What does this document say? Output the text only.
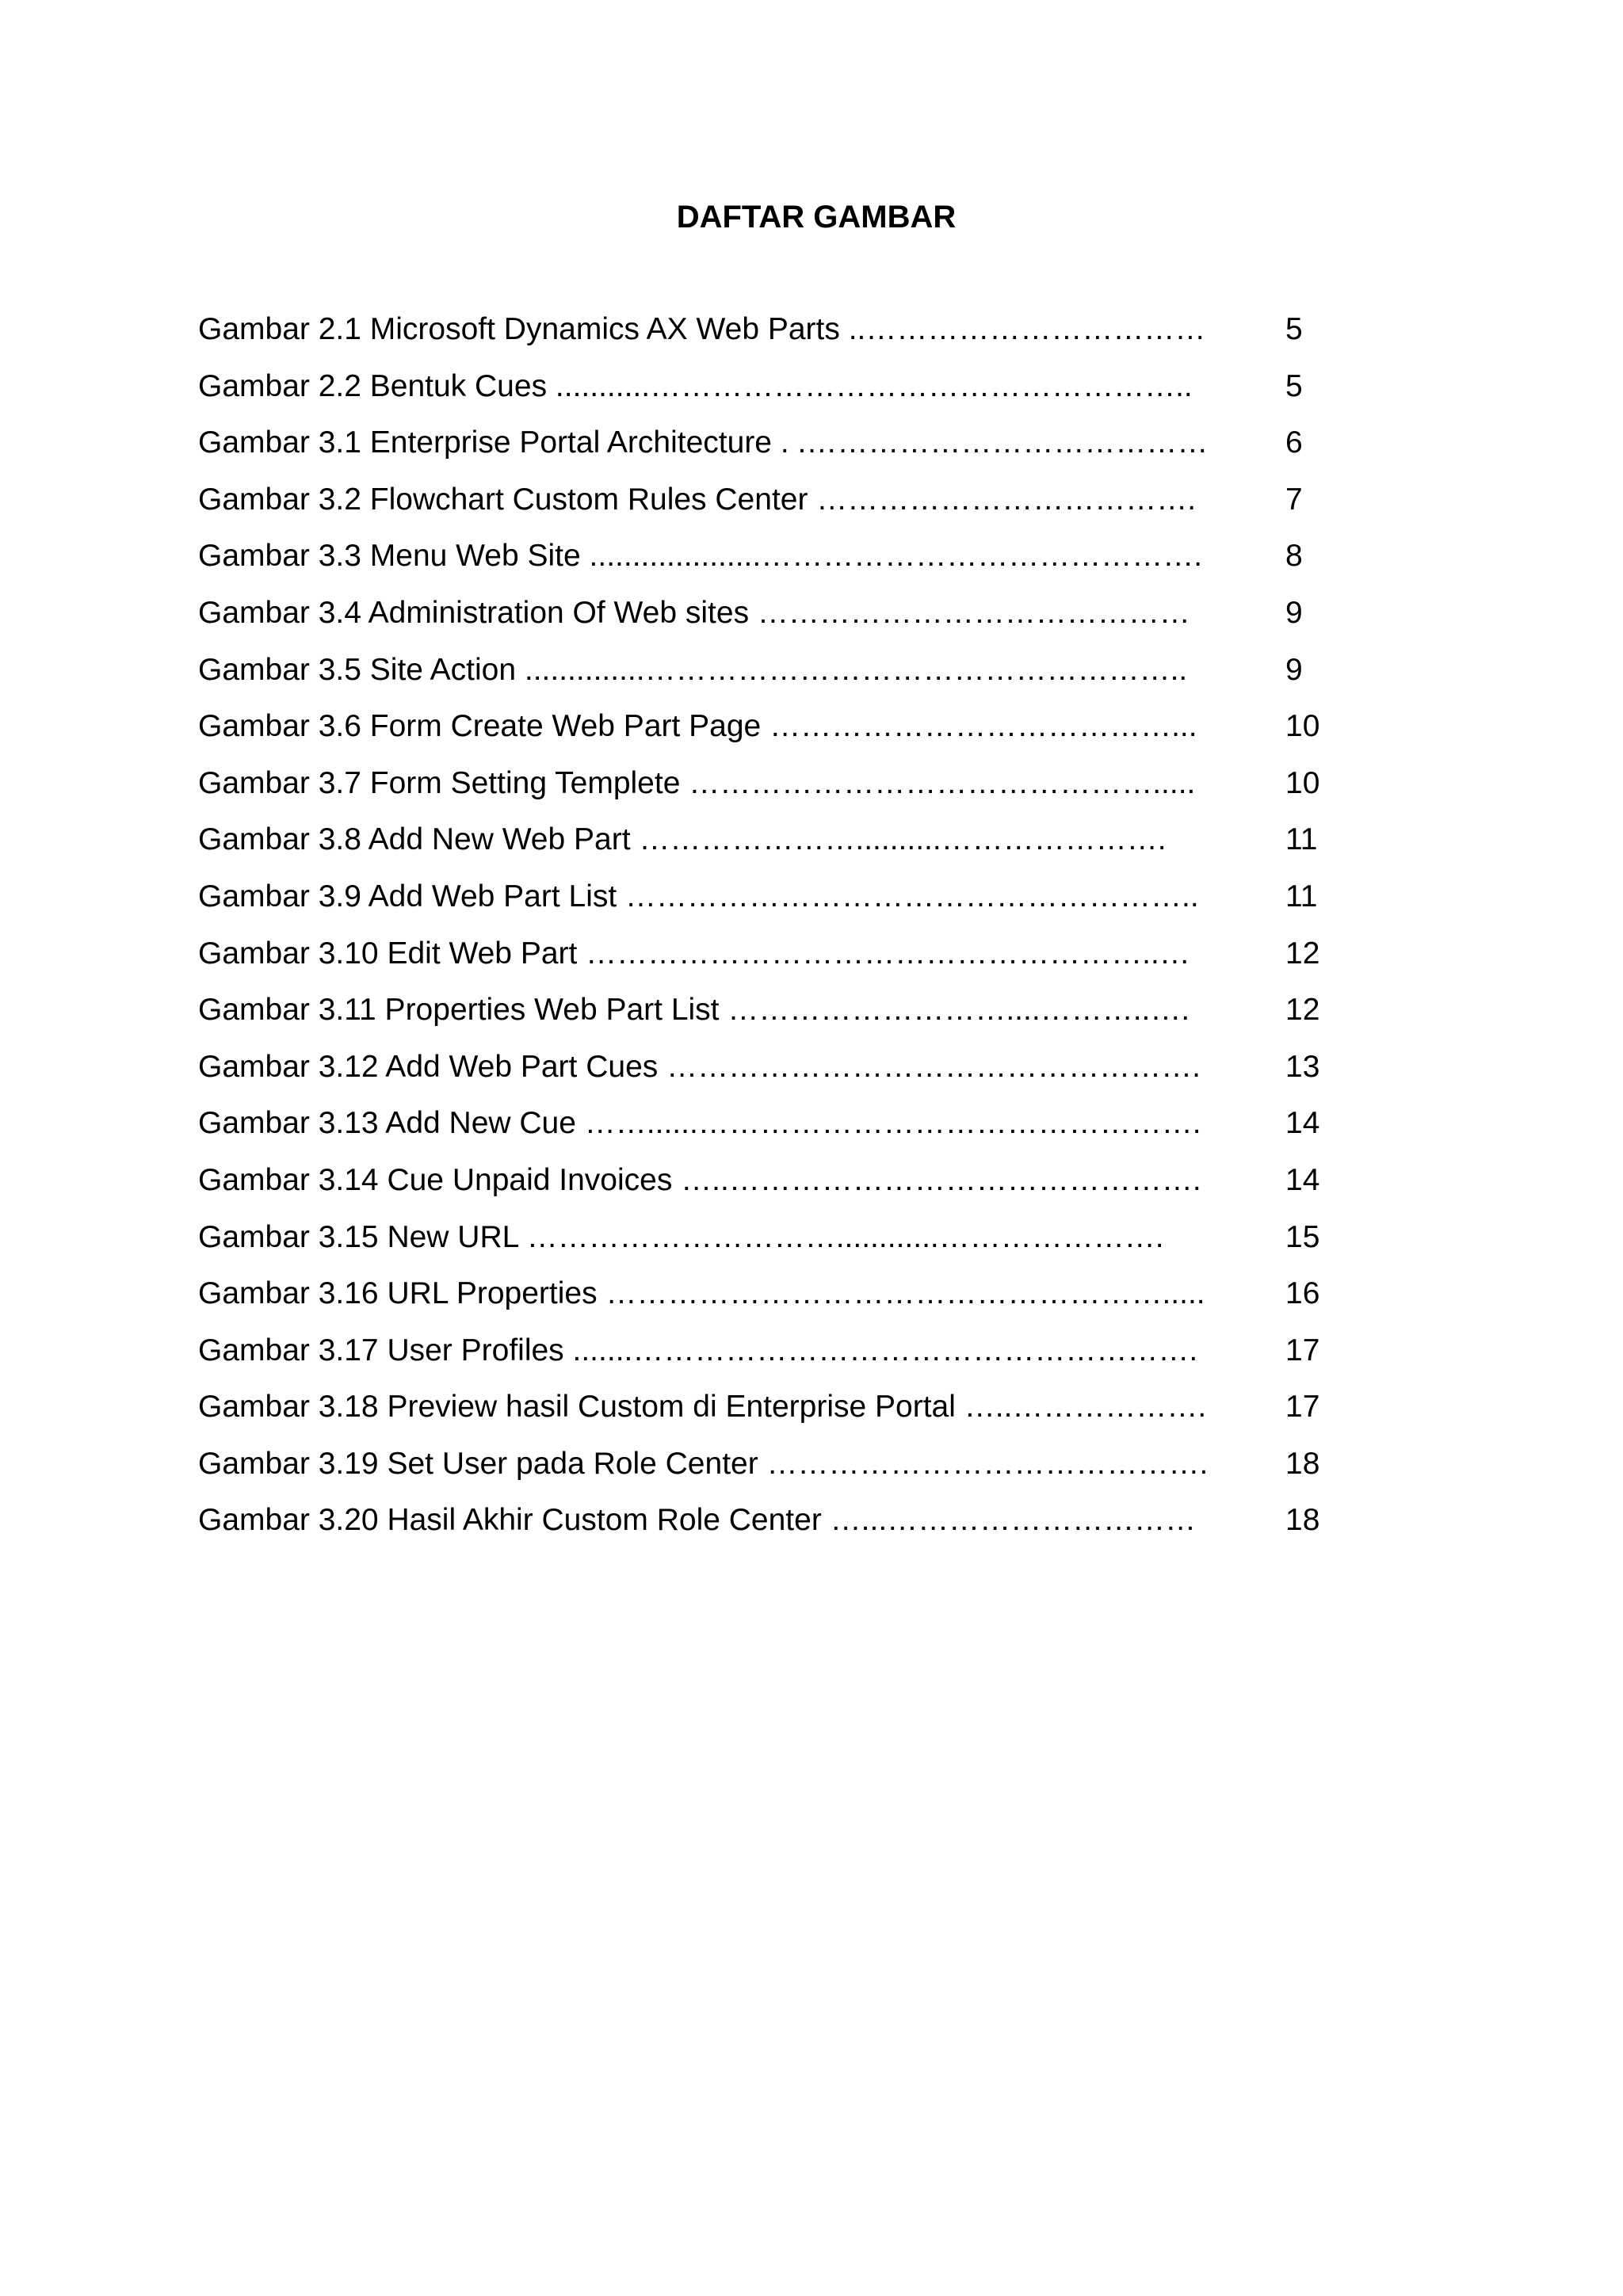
DAFTAR GAMBAR
Gambar 2.1 Microsoft Dynamics AX Web Parts ..……………………………	5
Gambar 2.2 Bentuk Cues ...........……………………………………………..	5
Gambar 3.1 Enterprise Portal Architecture . .…………………………………	6
Gambar 3.2 Flowchart Custom Rules Center ……………………………….	7
Gambar 3.3 Menu Web Site ....................…………………………………….	8
Gambar 3.4 Administration Of Web sites ……………………………………	9
Gambar 3.5 Site Action ..............……………………………………………..	9
Gambar 3.6 Form Create Web Part Page …………………………………...	10
Gambar 3.7 Form Setting Templete ……………………………………….....	10
Gambar 3.8 Add New Web Part …………………..........………………….	11
Gambar 3.9 Add Web Part List ………………………………………………..	11
Gambar 3.10 Edit Web Part ………………………………………………..…	12
Gambar 3.11 Properties Web Part List ………………………....………..….	12
Gambar 3.12 Add Web Part Cues …………………………………………….	13
Gambar 3.13 Add New Cue ……......………………………………………….	14
Gambar 3.14 Cue Unpaid Invoices …..……………………………………….	14
Gambar 3.15 New URL …………………………............………………….	15
Gambar 3.16 URL Properties ……………………………………………….....	16
Gambar 3.17 User Profiles .......……………………………………………….	17
Gambar 3.18 Preview hasil Custom di Enterprise Portal …..……………….	17
Gambar 3.19 Set User pada Role Center …………………………………….	18
Gambar 3.20 Hasil Akhir Custom Role Center …...…………………………	18
